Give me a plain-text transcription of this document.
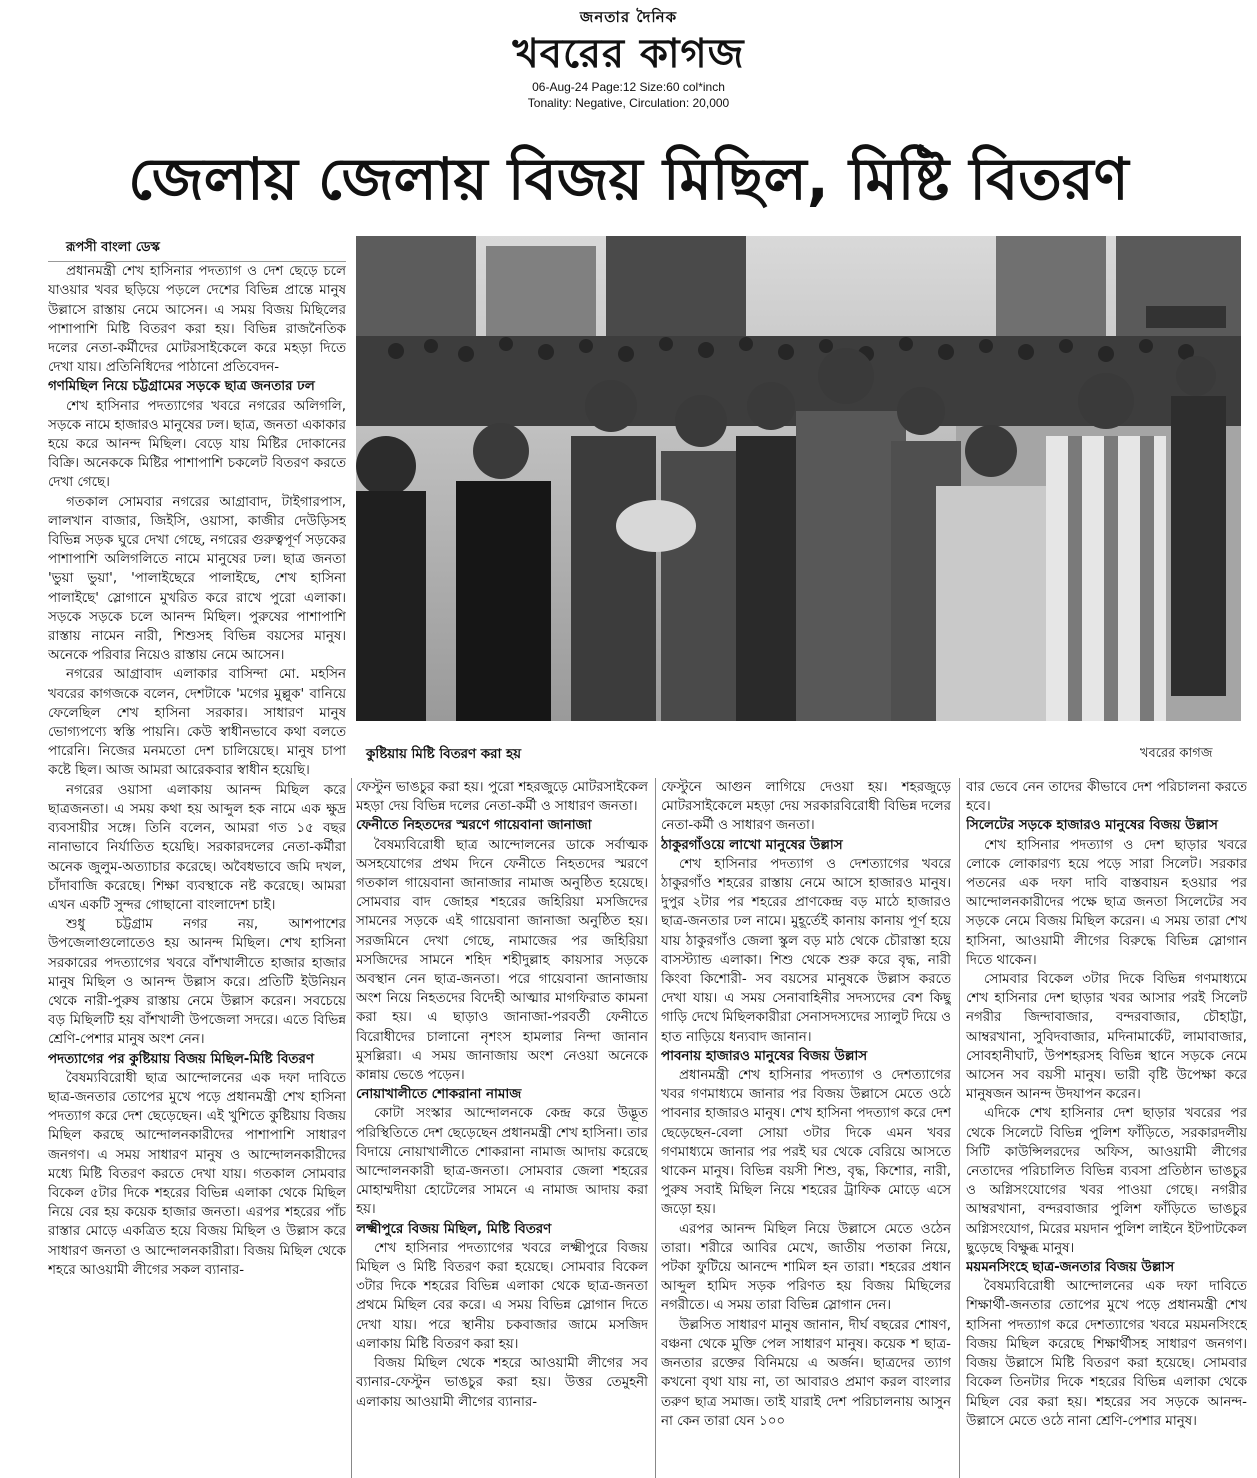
জনতার দৈনিক
খবরের কাগজ
06-Aug-24 Page:12 Size:60 col*inch
Tonality: Negative, Circulation: 20,000
জেলায় জেলায় বিজয় মিছিল, মিষ্টি বিতরণ

রূপসী বাংলা ডেস্ক

প্রধানমন্ত্রী শেখ হাসিনার পদত্যাগ ও দেশ ছেড়ে চলে যাওয়ার খবর ছড়িয়ে পড়লে দেশের বিভিন্ন প্রান্তে মানুষ উল্লাসে রাস্তায় নেমে আসেন। এ সময় বিজয় মিছিলের পাশাপাশি মিষ্টি বিতরণ করা হয়। বিভিন্ন রাজনৈতিক দলের নেতা-কর্মীদের মোটরসাইকেলে করে মহড়া দিতে দেখা যায়। প্রতিনিধিদের পাঠানো প্রতিবেদন-

গণমিছিল নিয়ে চট্টগ্রামের সড়কে ছাত্র জনতার ঢল

শেখ হাসিনার পদত্যাগের খবরে নগরের অলিগলি, সড়কে নামে হাজারও মানুষের ঢল। ছাত্র, জনতা একাকার হয়ে করে আনন্দ মিছিল। বেড়ে যায় মিষ্টির দোকানের বিক্রি। অনেককে মিষ্টির পাশাপাশি চকলেট বিতরণ করতে দেখা গেছে।

গতকাল সোমবার নগরের আগ্রাবাদ, টাইগারপাস, লালখান বাজার, জিইসি, ওয়াসা, কাজীর দেউড়িসহ বিভিন্ন সড়ক ঘুরে দেখা গেছে, নগরের গুরুত্বপূর্ণ সড়কের পাশাপাশি অলিগলিতে নামে মানুষের ঢল। ছাত্র জনতা 'ভুয়া ভুয়া', 'পালাইছেরে পালাইছে, শেখ হাসিনা পালাইছে' স্লোগানে মুখরিত করে রাখে পুরো এলাকা। সড়কে সড়কে চলে আনন্দ মিছিল। পুরুষের পাশাপাশি রাস্তায় নামেন নারী, শিশুসহ বিভিন্ন বয়সের মানুষ। অনেকে পরিবার নিয়েও রাস্তায় নেমে আসেন।

নগরের আগ্রাবাদ এলাকার বাসিন্দা মো. মহসিন খবরের কাগজকে বলেন, দেশটাকে 'মগের মুল্লুক' বানিয়ে ফেলেছিল শেখ হাসিনা সরকার। সাধারণ মানুষ ভোগ্যপণ্যে স্বস্তি পায়নি। কেউ স্বাধীনভাবে কথা বলতে পারেনি। নিজের মনমতো দেশ চালিয়েছে। মানুষ চাপা কষ্টে ছিল। আজ আমরা আরেকবার স্বাধীন হয়েছি।

নগরের ওয়াসা এলাকায় আনন্দ মিছিল করে ছাত্রজনতা। এ সময় কথা হয় আব্দুল হক নামে এক ক্ষুদ্র ব্যবসায়ীর সঙ্গে। তিনি বলেন, আমরা গত ১৫ বছর নানাভাবে নির্যাতিত হয়েছি। সরকারদলের নেতা-কর্মীরা অনেক জুলুম-অত্যাচার করেছে। অবৈধভাবে জমি দখল, চাঁদাবাজি করেছে। শিক্ষা ব্যবস্থাকে নষ্ট করেছে। আমরা এখন একটি সুন্দর গোছানো বাংলাদেশ চাই।

শুধু চট্টগ্রাম নগর নয়, আশপাশের উপজেলাগুলোতেও হয় আনন্দ মিছিল। শেখ হাসিনা সরকারের পদত্যাগের খবরে বাঁশখালীতে হাজার হাজার মানুষ মিছিল ও আনন্দ উল্লাস করে। প্রতিটি ইউনিয়ন থেকে নারী-পুরুষ রাস্তায় নেমে উল্লাস করেন। সবচেয়ে বড় মিছিলটি হয় বাঁশখালী উপজেলা সদরে। এতে বিভিন্ন শ্রেণি-পেশার মানুষ অংশ নেন।

পদত্যাগের পর কুষ্টিয়ায় বিজয় মিছিল-মিষ্টি বিতরণ

বৈষম্যবিরোধী ছাত্র আন্দোলনের এক দফা দাবিতে ছাত্র-জনতার তোপের মুখে পড়ে প্রধানমন্ত্রী শেখ হাসিনা পদত্যাগ করে দেশ ছেড়েছেন। এই খুশিতে কুষ্টিয়ায় বিজয় মিছিল করছে আন্দোলনকারীদের পাশাপাশি সাধারণ জনগণ। এ সময় সাধারণ মানুষ ও আন্দোলনকারীদের মধ্যে মিষ্টি বিতরণ করতে দেখা যায়। গতকাল সোমবার বিকেল ৫টার দিকে শহরের বিভিন্ন এলাকা থেকে মিছিল নিয়ে বের হয় কয়েক হাজার জনতা। এরপর শহরের পাঁচ রাস্তার মোড়ে একত্রিত হয়ে বিজয় মিছিল ও উল্লাস করে সাধারণ জনতা ও আন্দোলনকারীরা। বিজয় মিছিল থেকে শহরে আওয়ামী লীগের সকল ব্যানার-

কুষ্টিয়ায় মিষ্টি বিতরণ করা হয়	খবরের কাগজ

ফেস্টুন ভাঙচুর করা হয়। পুরো শহরজুড়ে মোটরসাইকেল মহড়া দেয় বিভিন্ন দলের নেতা-কর্মী ও সাধারণ জনতা।

ফেনীতে নিহতদের স্মরণে গায়েবানা জানাজা

বৈষম্যবিরোধী ছাত্র আন্দোলনের ডাকে সর্বাত্মক অসহযোগের প্রথম দিনে ফেনীতে নিহতদের স্মরণে গতকাল গায়েবানা জানাজার নামাজ অনুষ্ঠিত হয়েছে। সোমবার বাদ জোহর শহরের জহিরিয়া মসজিদের সামনের সড়কে এই গায়েবানা জানাজা অনুষ্ঠিত হয়। সরজমিনে দেখা গেছে, নামাজের পর জহিরিয়া মসজিদের সামনে শহিদ শহীদুল্লাহ কায়সার সড়কে অবস্থান নেন ছাত্র-জনতা। পরে গায়েবানা জানাজায় অংশ নিয়ে নিহতদের বিদেহী আত্মার মাগফিরাত কামনা করা হয়। এ ছাড়াও জানাজা-পরবর্তী ফেনীতে বিরোধীদের চালানো নৃশংস হামলার নিন্দা জানান মুসল্লিরা। এ সময় জানাজায় অংশ নেওয়া অনেকে কান্নায় ভেঙে পড়েন।

নোয়াখালীতে শোকরানা নামাজ

কোটা সংস্কার আন্দোলনকে কেন্দ্র করে উদ্ভূত পরিস্থিতিতে দেশ ছেড়েছেন প্রধানমন্ত্রী শেখ হাসিনা। তার বিদায়ে নোয়াখালীতে শোকরানা নামাজ আদায় করেছে আন্দোলনকারী ছাত্র-জনতা। সোমবার জেলা শহরের মোহাম্মদীয়া হোটেলের সামনে এ নামাজ আদায় করা হয়।

লক্ষ্মীপুরে বিজয় মিছিল, মিষ্টি বিতরণ

শেখ হাসিনার পদত্যাগের খবরে লক্ষ্মীপুরে বিজয় মিছিল ও মিষ্টি বিতরণ করা হয়েছে। সোমবার বিকেল ৩টার দিকে শহরের বিভিন্ন এলাকা থেকে ছাত্র-জনতা প্রথমে মিছিল বের করে। এ সময় বিভিন্ন স্লোগান দিতে দেখা যায়। পরে স্থানীয় চকবাজার জামে মসজিদ এলাকায় মিষ্টি বিতরণ করা হয়।

বিজয় মিছিল থেকে শহরে আওয়ামী লীগের সব ব্যানার-ফেস্টুন ভাঙচুর করা হয়। উত্তর তেমুহনী এলাকায় আওয়ামী লীগের ব্যানার-

ফেস্টুনে আগুন লাগিয়ে দেওয়া হয়। শহরজুড়ে মোটরসাইকেলে মহড়া দেয় সরকারবিরোধী বিভিন্ন দলের নেতা-কর্মী ও সাধারণ জনতা।

ঠাকুরগাঁওয়ে লাখো মানুষের উল্লাস

শেখ হাসিনার পদত্যাগ ও দেশত্যাগের খবরে ঠাকুরগাঁও শহরের রাস্তায় নেমে আসে হাজারও মানুষ। দুপুর ২টার পর শহরের প্রাণকেন্দ্র বড় মাঠে হাজারও ছাত্র-জনতার ঢল নামে। মুহূর্তেই কানায় কানায় পূর্ণ হয়ে যায় ঠাকুরগাঁও জেলা স্কুল বড় মাঠ থেকে চৌরাস্তা হয়ে বাসস্ট্যান্ড এলাকা। শিশু থেকে শুরু করে বৃদ্ধ, নারী কিংবা কিশোরী- সব বয়সের মানুষকে উল্লাস করতে দেখা যায়। এ সময় সেনাবাহিনীর সদস্যদের বেশ কিছু গাড়ি দেখে মিছিলকারীরা সেনাসদস্যদের স্যালুট দিয়ে ও হাত নাড়িয়ে ধন্যবাদ জানান।

পাবনায় হাজারও মানুষের বিজয় উল্লাস

প্রধানমন্ত্রী শেখ হাসিনার পদত্যাগ ও দেশত্যাগের খবর গণমাধ্যমে জানার পর বিজয় উল্লাসে মেতে ওঠে পাবনার হাজারও মানুষ। শেখ হাসিনা পদত্যাগ করে দেশ ছেড়েছেন-বেলা সোয়া ৩টার দিকে এমন খবর গণমাধ্যমে জানার পর পরই ঘর থেকে বেরিয়ে আসতে থাকেন মানুষ। বিভিন্ন বয়সী শিশু, বৃদ্ধ, কিশোর, নারী, পুরুষ সবাই মিছিল নিয়ে শহরের ট্রাফিক মোড়ে এসে জড়ো হয়।

এরপর আনন্দ মিছিল নিয়ে উল্লাসে মেতে ওঠেন তারা। শরীরে আবির মেখে, জাতীয় পতাকা নিয়ে, পটকা ফুটিয়ে আনন্দে শামিল হন তারা। শহরের প্রধান আব্দুল হামিদ সড়ক পরিণত হয় বিজয় মিছিলের নগরীতে। এ সময় তারা বিভিন্ন স্লোগান দেন।

উল্লসিত সাধারণ মানুষ জানান, দীর্ঘ বছরের শোষণ, বঞ্চনা থেকে মুক্তি পেল সাধারণ মানুষ। কয়েক শ ছাত্র-জনতার রক্তের বিনিময়ে এ অর্জন। ছাত্রদের ত্যাগ কখনো বৃথা যায় না, তা আবারও প্রমাণ করল বাংলার তরুণ ছাত্র সমাজ। তাই যারাই দেশ পরিচালনায় আসুন না কেন তারা যেন ১০০

বার ভেবে নেন তাদের কীভাবে দেশ পরিচালনা করতে হবে।

সিলেটের সড়কে হাজারও মানুষের বিজয় উল্লাস

শেখ হাসিনার পদত্যাগ ও দেশ ছাড়ার খবরে লোকে লোকারণ্য হয়ে পড়ে সারা সিলেট। সরকার পতনের এক দফা দাবি বাস্তবায়ন হওয়ার পর আন্দোলনকারীদের পক্ষে ছাত্র জনতা সিলেটের সব সড়কে নেমে বিজয় মিছিল করেন। এ সময় তারা শেখ হাসিনা, আওয়ামী লীগের বিরুদ্ধে বিভিন্ন স্লোগান দিতে থাকেন।

সোমবার বিকেল ৩টার দিকে বিভিন্ন গণমাধ্যমে শেখ হাসিনার দেশ ছাড়ার খবর আসার পরই সিলেট নগরীর জিন্দাবাজার, বন্দরবাজার, চৌহাট্টা, আম্বরখানা, সুবিদবাজার, মদিনামার্কেট, লামাবাজার, সোবহানীঘাট, উপশহরসহ বিভিন্ন স্থানে সড়কে নেমে আসেন সব বয়সী মানুষ। ভারী বৃষ্টি উপেক্ষা করে মানুষজন আনন্দ উদযাপন করেন।

এদিকে শেখ হাসিনার দেশ ছাড়ার খবরের পর থেকে সিলেটে বিভিন্ন পুলিশ ফাঁড়িতে, সরকারদলীয় সিটি কাউন্সিলরদের অফিস, আওয়ামী লীগের নেতাদের পরিচালিত বিভিন্ন ব্যবসা প্রতিষ্ঠান ভাঙচুর ও অগ্নিসংযোগের খবর পাওয়া গেছে। নগরীর আম্বরখানা, বন্দরবাজার পুলিশ ফাঁড়িতে ভাঙচুর অগ্নিসংযোগ, মিরের ময়দান পুলিশ লাইনে ইটপাটকেল ছুড়েছে বিক্ষুব্ধ মানুষ।

ময়মনসিংহে ছাত্র-জনতার বিজয় উল্লাস

বৈষম্যবিরোধী আন্দোলনের এক দফা দাবিতে শিক্ষার্থী-জনতার তোপের মুখে পড়ে প্রধানমন্ত্রী শেখ হাসিনা পদত্যাগ করে দেশত্যাগের খবরে ময়মনসিংহে বিজয় মিছিল করেছে শিক্ষার্থীসহ সাধারণ জনগণ। বিজয় উল্লাসে মিষ্টি বিতরণ করা হয়েছে। সোমবার বিকেল তিনটার দিকে শহরের বিভিন্ন এলাকা থেকে মিছিল বের করা হয়। শহরের সব সড়কে আনন্দ-উল্লাসে মেতে ওঠে নানা শ্রেণি-পেশার মানুষ।
